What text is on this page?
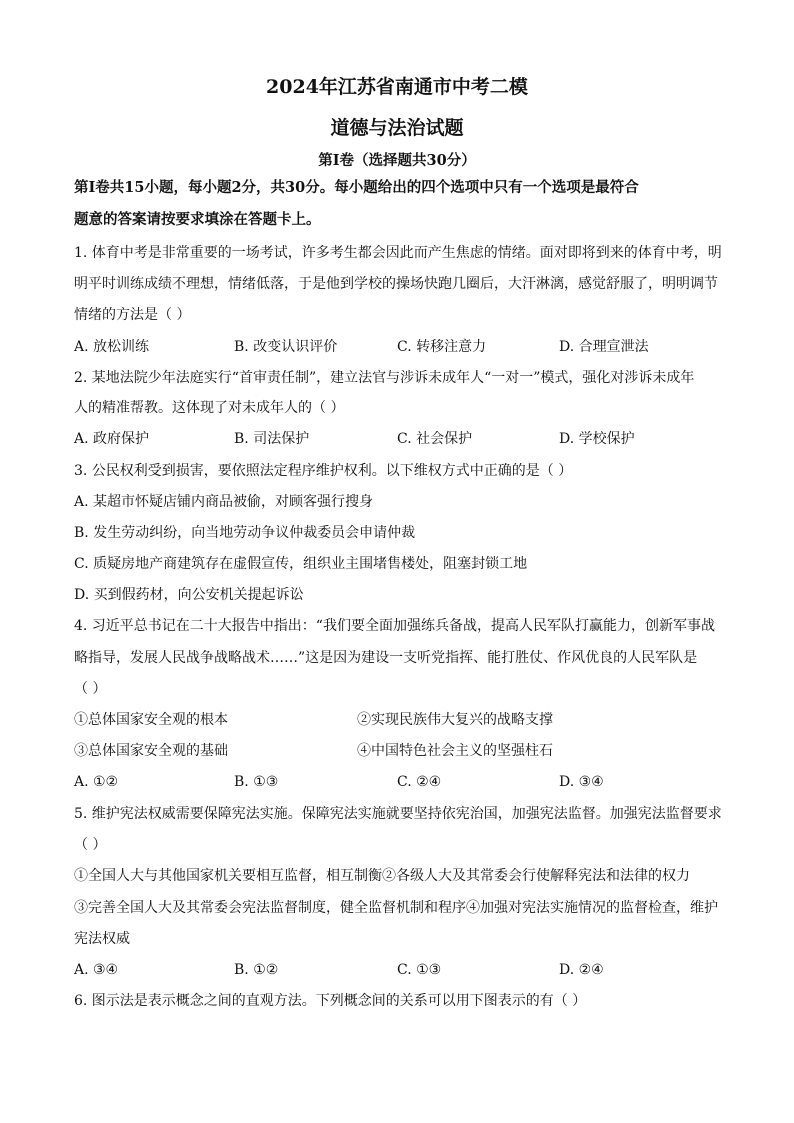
2024年江苏省南通市中考二模
道德与法治试题
第Ⅰ卷（选择题共30分）
第Ⅰ卷共15小题，每小题2分，共30分。每小题给出的四个选项中只有一个选项是最符合
题意的答案请按要求填涂在答题卡上。
1. 体育中考是非常重要的一场考试，许多考生都会因此而产生焦虑的情绪。面对即将到来的体育中考，明
明平时训练成绩不理想，情绪低落，于是他到学校的操场快跑几圈后，大汗淋漓，感觉舒服了，明明调节
情绪的方法是（ ）
A. 放松训练	B. 改变认识评价	C. 转移注意力	D. 合理宣泄法
2. 某地法院少年法庭实行“首审责任制”，建立法官与涉诉未成年人“一对一”模式，强化对涉诉未成年
人的精准帮教。这体现了对未成年人的（ ）
A. 政府保护	B. 司法保护	C. 社会保护	D. 学校保护
3. 公民权利受到损害，要依照法定程序维护权利。以下维权方式中正确的是（ ）
A. 某超市怀疑店铺内商品被偷，对顾客强行搜身
B. 发生劳动纠纷，向当地劳动争议仲裁委员会申请仲裁
C. 质疑房地产商建筑存在虚假宣传，组织业主围堵售楼处，阻塞封锁工地
D. 买到假药材，向公安机关提起诉讼
4. 习近平总书记在二十大报告中指出：“我们要全面加强练兵备战，提高人民军队打赢能力，创新军事战
略指导，发展人民战争战略战术……”这是因为建设一支听党指挥、能打胜仗、作风优良的人民军队是
（ ）
①总体国家安全观的根本	②实现民族伟大复兴的战略支撑
③总体国家安全观的基础	④中国特色社会主义的坚强柱石
A. ①②	B. ①③	C. ②④	D. ③④
5. 维护宪法权威需要保障宪法实施。保障宪法实施就要坚持依宪治国，加强宪法监督。加强宪法监督要求
（ ）
①全国人大与其他国家机关要相互监督，相互制衡②各级人大及其常委会行使解释宪法和法律的权力
③完善全国人大及其常委会宪法监督制度，健全监督机制和程序④加强对宪法实施情况的监督检查，维护
宪法权威
A. ③④	B. ①②	C. ①③	D. ②④
6. 图示法是表示概念之间的直观方法。下列概念间的关系可以用下图表示的有（ ）
